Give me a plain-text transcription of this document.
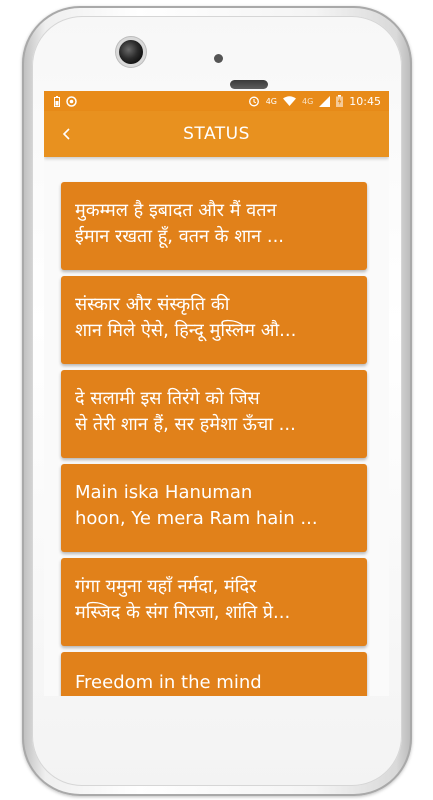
4G	4G	10:45
STATUS
मुकम्मल है इबादत और मैं वतन
ईमान रखता हूँ, वतन के शान ...
संस्कार और संस्कृति की
शान मिले ऐसे, हिन्दू मुस्लिम औ...
दे सलामी इस तिरंगे को जिस
से तेरी शान हैं, सर हमेशा ऊँचा ...
Main iska Hanuman
hoon, Ye mera Ram hain ...
गंगा यमुना यहाँ नर्मदा, मंदिर
मस्जिद के संग गिरजा, शांति प्रे...
Freedom in the mind
